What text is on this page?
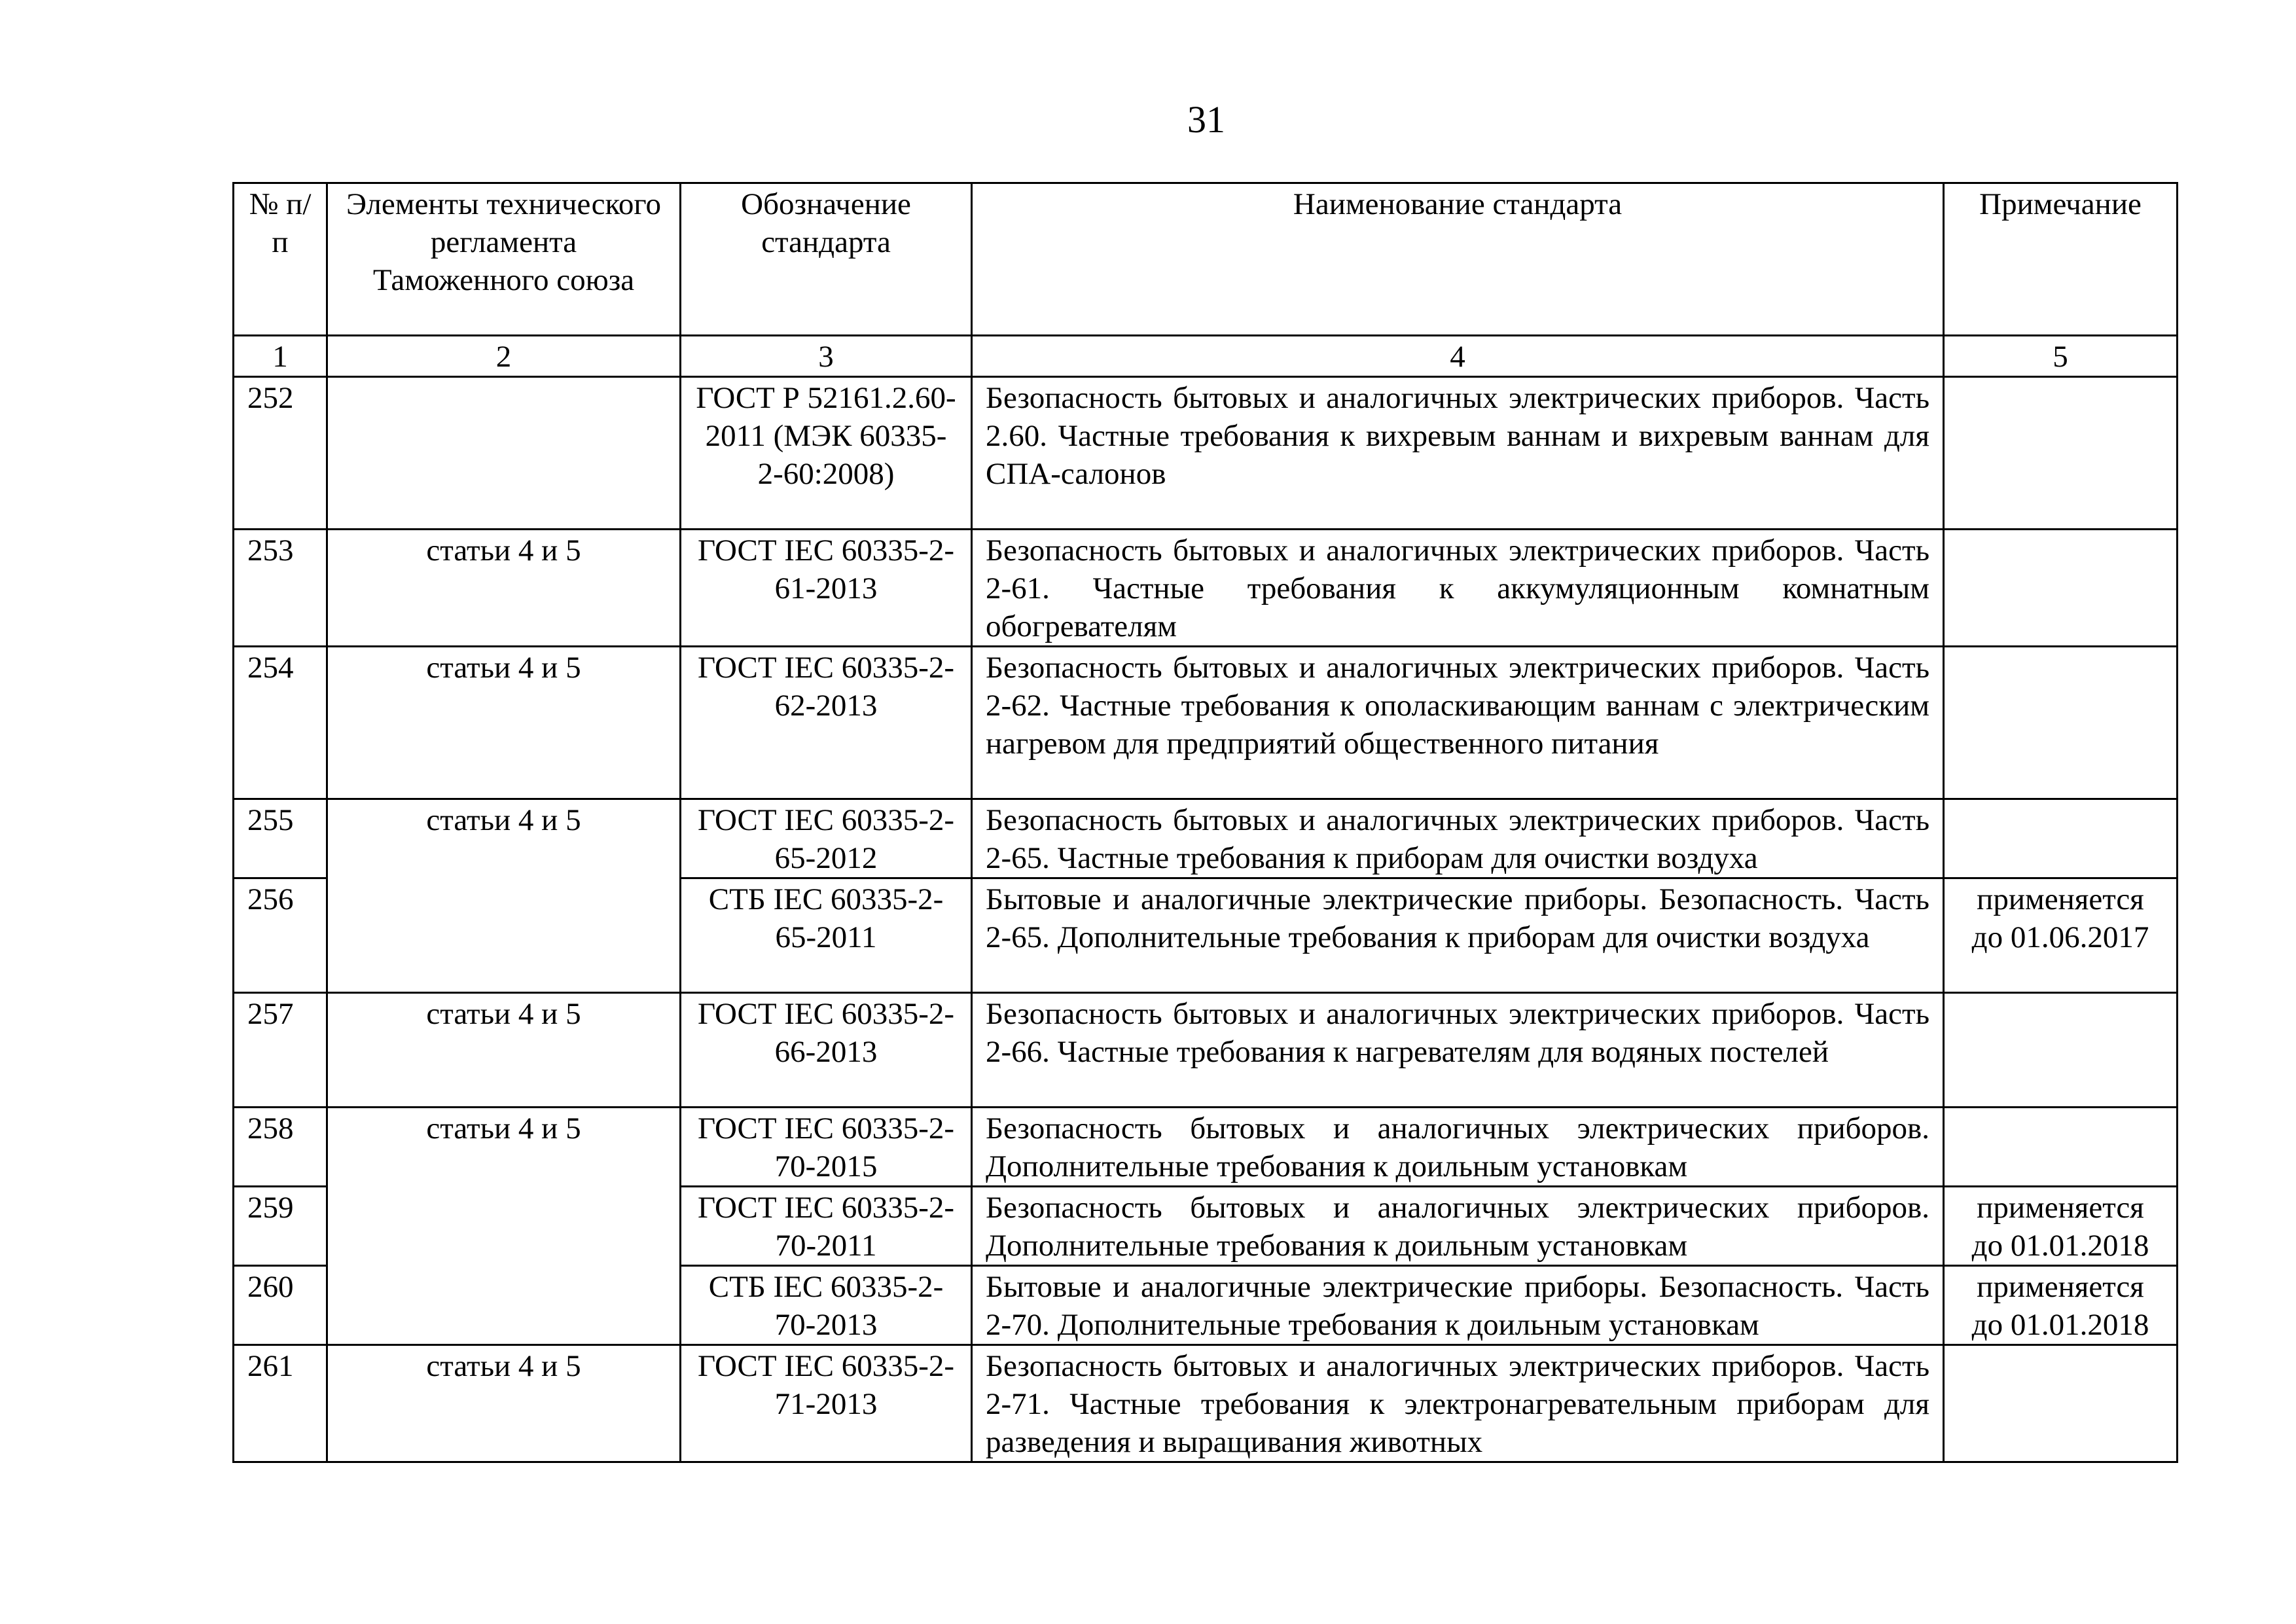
31
№ п/п	Элементы технического регламента Таможенного союза	Обозначение стандарта	Наименование стандарта	Примечание
1	2	3	4	5
252		ГОСТ Р 52161.2.60-2011 (МЭК 60335-2-60:2008)	Безопасность бытовых и аналогичных электрических приборов. Часть 2.60. Частные требования к вихревым ваннам и вихревым ваннам для СПА-салонов	
253	статьи 4 и 5	ГОСТ IEC 60335-2-61-2013	Безопасность бытовых и аналогичных электрических приборов. Часть 2-61. Частные требования к аккумуляционным комнатным обогревателям	
254	статьи 4 и 5	ГОСТ IEC 60335-2-62-2013	Безопасность бытовых и аналогичных электрических приборов. Часть 2-62. Частные требования к ополаскивающим ваннам с электрическим нагревом для предприятий общественного питания	
255	статьи 4 и 5	ГОСТ IEC 60335-2-65-2012	Безопасность бытовых и аналогичных электрических приборов. Часть 2-65. Частные требования к приборам для очистки воздуха	
256		СТБ IEC 60335-2-65-2011	Бытовые и аналогичные электрические приборы. Безопасность. Часть 2-65. Дополнительные требования к приборам для очистки воздуха	применяется до 01.06.2017
257	статьи 4 и 5	ГОСТ IEC 60335-2-66-2013	Безопасность бытовых и аналогичных электрических приборов. Часть 2-66. Частные требования к нагревателям для водяных постелей	
258	статьи 4 и 5	ГОСТ IEC 60335-2-70-2015	Безопасность бытовых и аналогичных электрических приборов. Дополнительные требования к доильным установкам	
259		ГОСТ IEC 60335-2-70-2011	Безопасность бытовых и аналогичных электрических приборов. Дополнительные требования к доильным установкам	применяется до 01.01.2018
260		СТБ IEC 60335-2-70-2013	Бытовые и аналогичные электрические приборы. Безопасность. Часть 2-70. Дополнительные требования к доильным установкам	применяется до 01.01.2018
261	статьи 4 и 5	ГОСТ IEC 60335-2-71-2013	Безопасность бытовых и аналогичных электрических приборов. Часть 2-71. Частные требования к электронагревательным приборам для разведения и выращивания животных	
